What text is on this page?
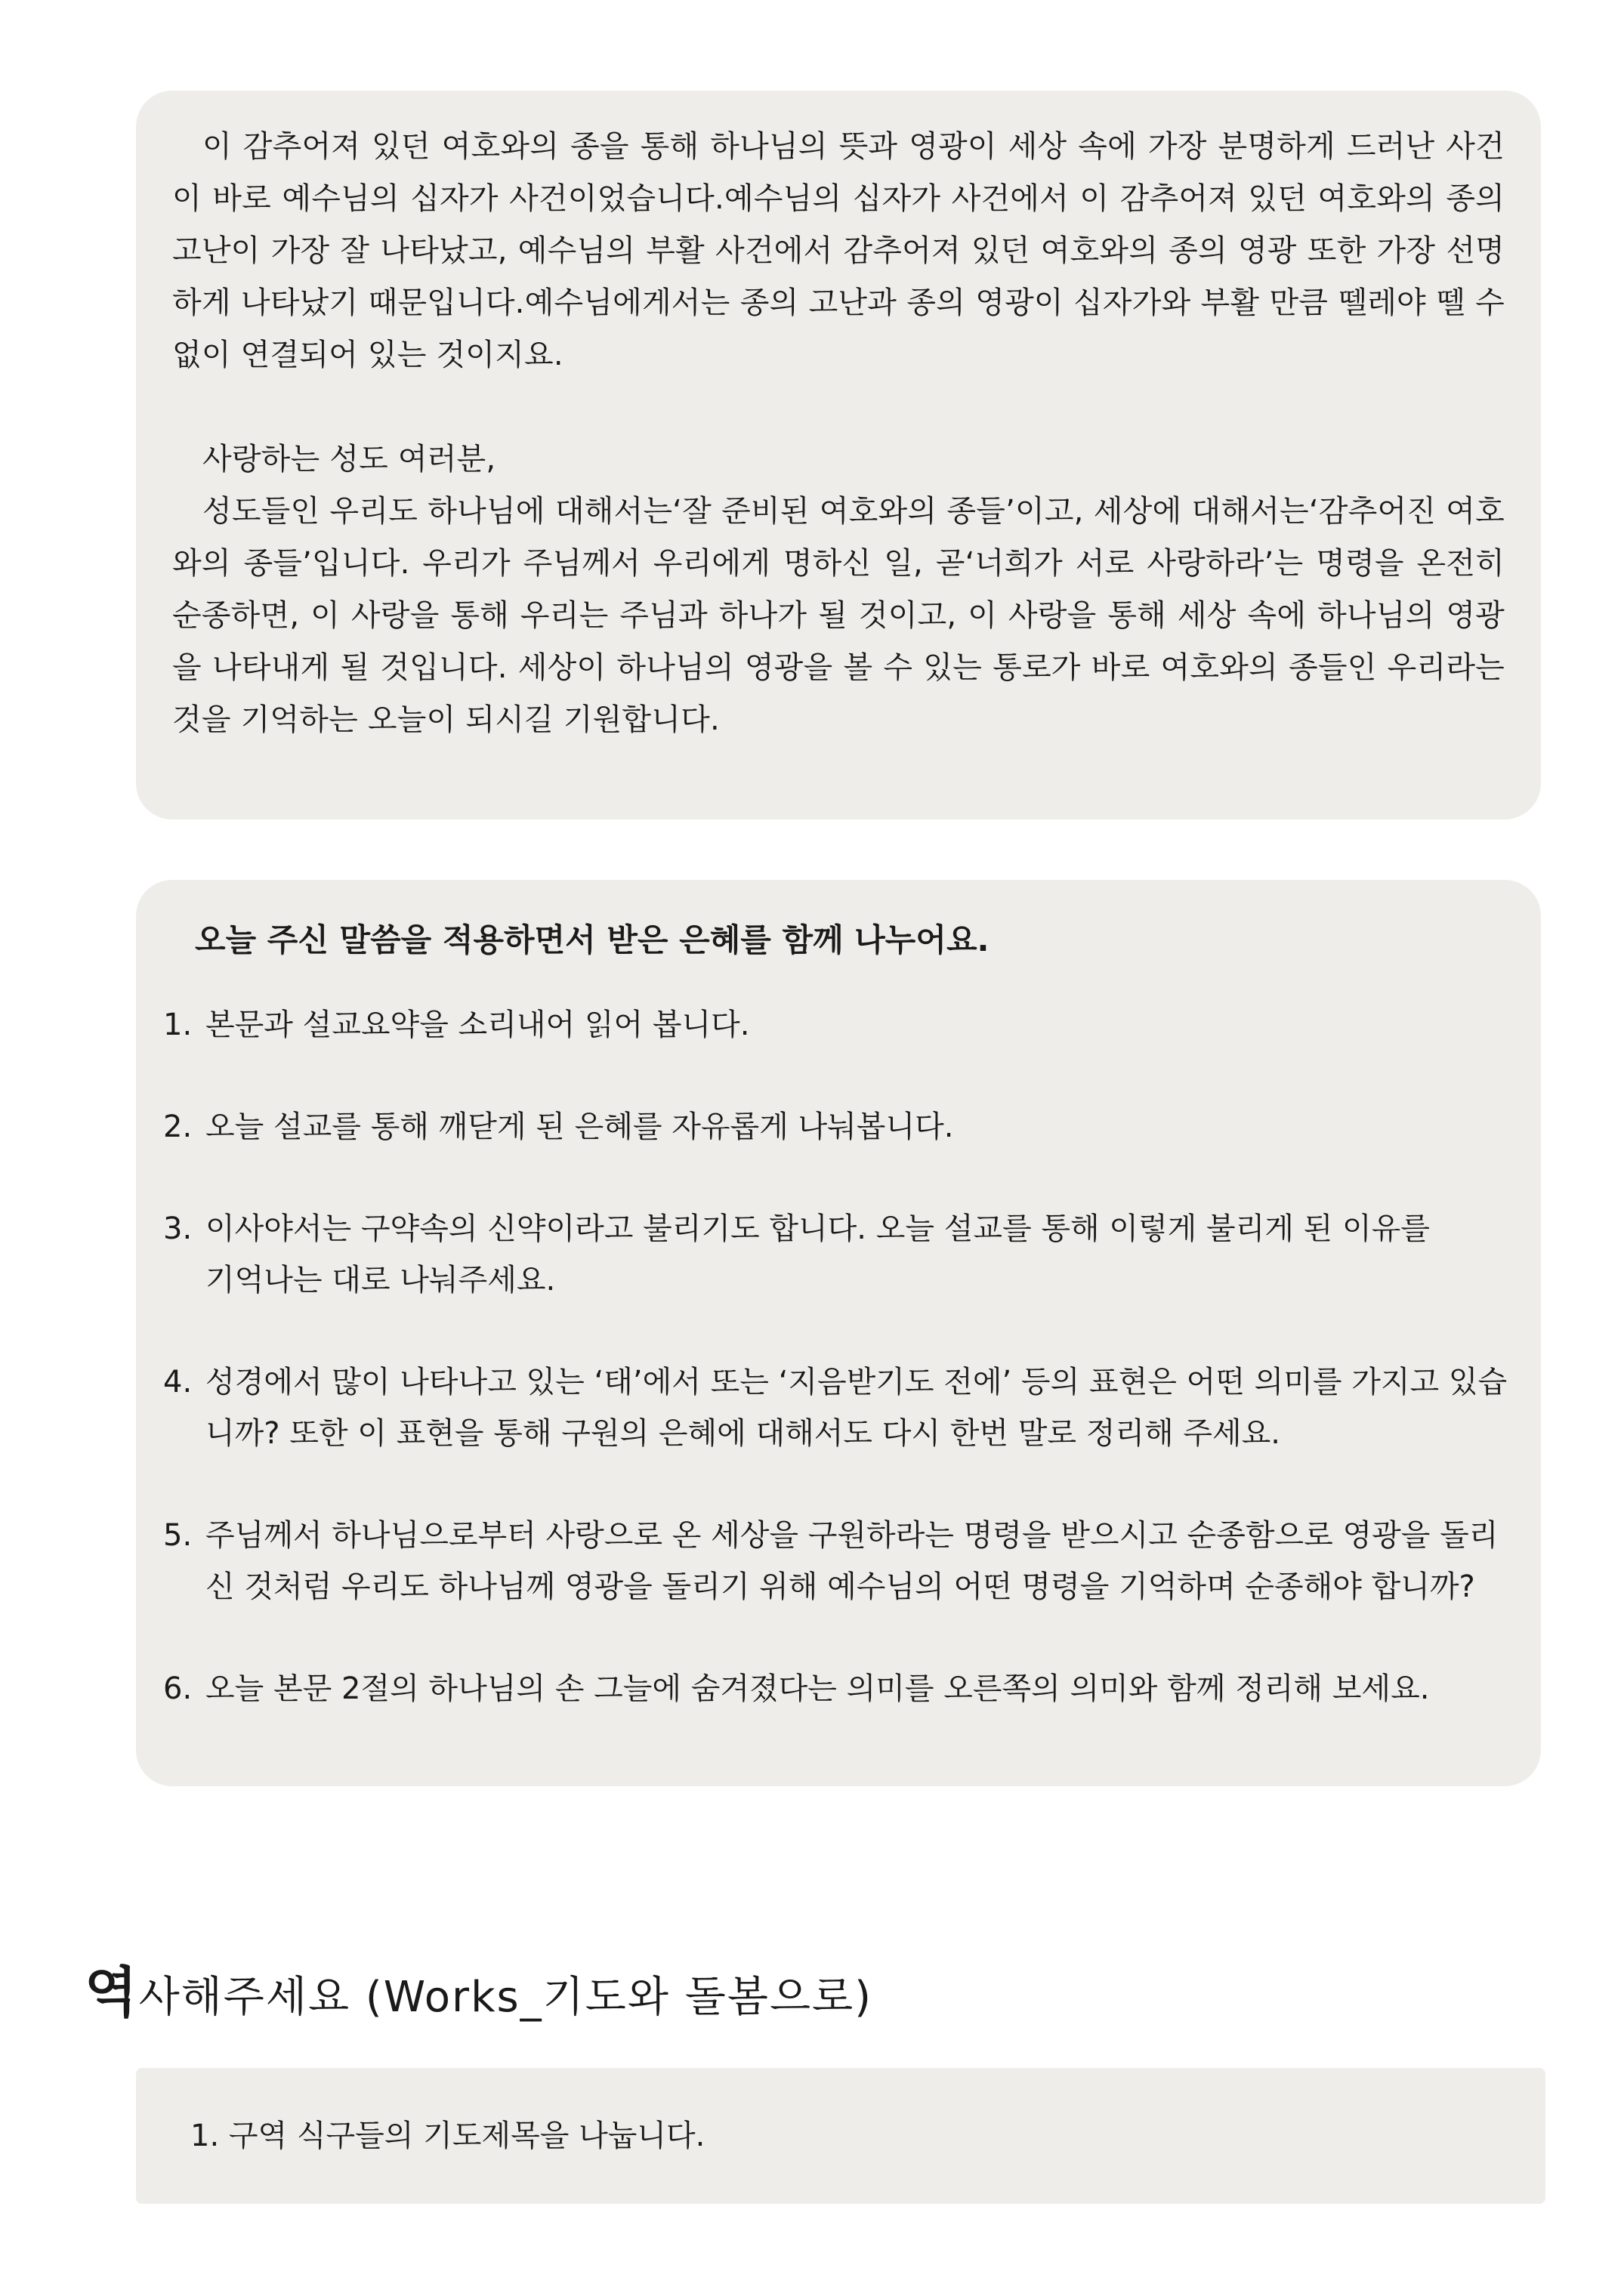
이 감추어져 있던 여호와의 종을 통해 하나님의 뜻과 영광이 세상 속에 가장 분명하게 드러난 사건이 바로 예수님의 십자가 사건이었습니다.예수님의 십자가 사건에서 이 감추어져 있던 여호와의 종의 고난이 가장 잘 나타났고, 예수님의 부활 사건에서 감추어져 있던 여호와의 종의 영광 또한 가장 선명하게 나타났기 때문입니다.예수님에게서는 종의 고난과 종의 영광이 십자가와 부활 만큼 뗄레야 뗄 수 없이 연결되어 있는 것이지요.

사랑하는 성도 여러분,

성도들인 우리도 하나님에 대해서는‘잘 준비된 여호와의 종들’이고, 세상에 대해서는‘감추어진 여호와의 종들’입니다. 우리가 주님께서 우리에게 명하신 일, 곧‘너희가 서로 사랑하라’는 명령을 온전히 순종하면, 이 사랑을 통해 우리는 주님과 하나가 될 것이고, 이 사랑을 통해 세상 속에 하나님의 영광을 나타내게 될 것입니다. 세상이 하나님의 영광을 볼 수 있는 통로가 바로 여호와의 종들인 우리라는 것을 기억하는 오늘이 되시길 기원합니다.

오늘 주신 말씀을 적용하면서 받은 은혜를 함께 나누어요.
1. 본문과 설교요약을 소리내어 읽어 봅니다.
2. 오늘 설교를 통해 깨닫게 된 은혜를 자유롭게 나눠봅니다.
3. 이사야서는 구약속의 신약이라고 불리기도 합니다. 오늘 설교를 통해 이렇게 불리게 된 이유를
기억나는 대로 나눠주세요.
4. 성경에서 많이 나타나고 있는 ‘태’에서 또는 ‘지음받기도 전에’ 등의 표현은 어떤 의미를 가지고 있습니까? 또한 이 표현을 통해 구원의 은혜에 대해서도 다시 한번 말로 정리해 주세요.
5. 주님께서 하나님으로부터 사랑으로 온 세상을 구원하라는 명령을 받으시고 순종함으로 영광을 돌리신 것처럼 우리도 하나님께 영광을 돌리기 위해 예수님의 어떤 명령을 기억하며 순종해야 합니까?
6. 오늘 본문 2절의 하나님의 손 그늘에 숨겨졌다는 의미를 오른쪽의 의미와 함께 정리해 보세요.
역사해주세요 (Works_기도와 돌봄으로)
1. 구역 식구들의 기도제목을 나눕니다.
